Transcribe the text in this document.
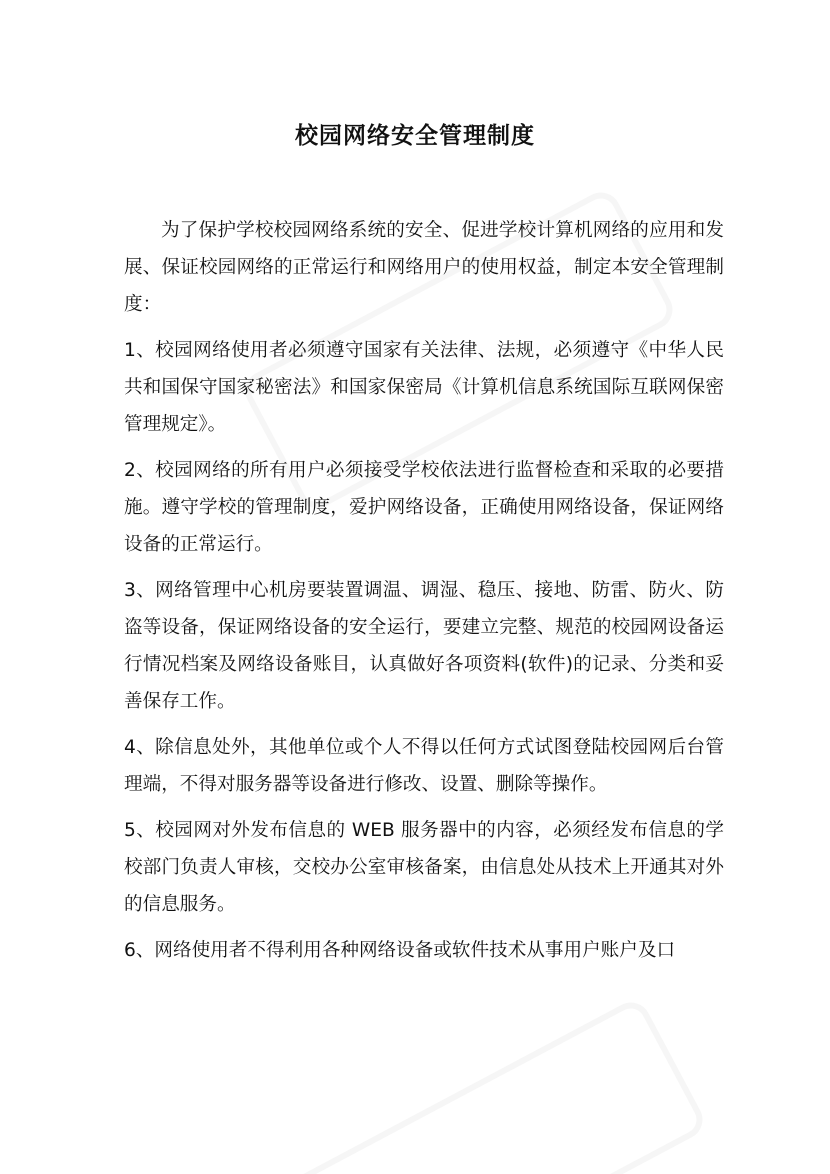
校园网络安全管理制度

为了保护学校校园网络系统的安全、促进学校计算机网络的应用和发展、保证校园网络的正常运行和网络用户的使用权益，制定本安全管理制度：

1、校园网络使用者必须遵守国家有关法律、法规，必须遵守《中华人民共和国保守国家秘密法》和国家保密局《计算机信息系统国际互联网保密管理规定》。

2、校园网络的所有用户必须接受学校依法进行监督检查和采取的必要措施。遵守学校的管理制度，爱护网络设备，正确使用网络设备，保证网络设备的正常运行。

3、网络管理中心机房要装置调温、调湿、稳压、接地、防雷、防火、防盗等设备，保证网络设备的安全运行，要建立完整、规范的校园网设备运行情况档案及网络设备账目，认真做好各项资料(软件)的记录、分类和妥善保存工作。

4、除信息处外，其他单位或个人不得以任何方式试图登陆校园网后台管理端，不得对服务器等设备进行修改、设置、删除等操作。

5、校园网对外发布信息的 WEB 服务器中的内容，必须经发布信息的学校部门负责人审核，交校办公室审核备案，由信息处从技术上开通其对外的信息服务。

6、网络使用者不得利用各种网络设备或软件技术从事用户账户及口
